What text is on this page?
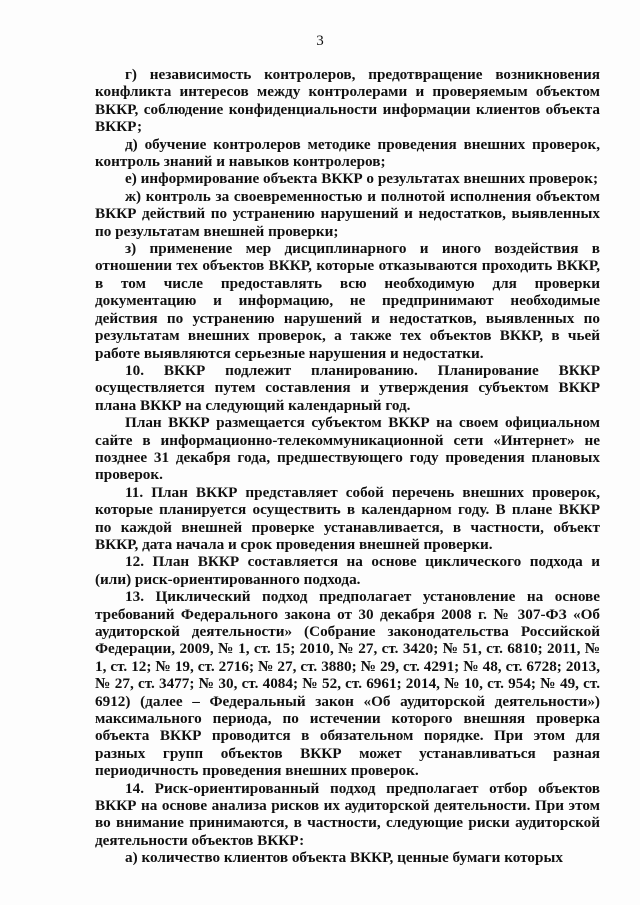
3

г) независимость контролеров, предотвращение возникновения конфликта интересов между контролерами и проверяемым объектом ВККР, соблюдение конфиденциальности информации клиентов объекта ВККР;

д) обучение контролеров методике проведения внешних проверок, контроль знаний и навыков контролеров;

е) информирование объекта ВККР о результатах внешних проверок;

ж) контроль за своевременностью и полнотой исполнения объектом ВККР действий по устранению нарушений и недостатков, выявленных по результатам внешней проверки;

з) применение мер дисциплинарного и иного воздействия в отношении тех объектов ВККР, которые отказываются проходить ВККР, в том числе предоставлять всю необходимую для проверки документацию и информацию, не предпринимают необходимые действия по устранению нарушений и недостатков, выявленных по результатам внешних проверок, а также тех объектов ВККР, в чьей работе выявляются серьезные нарушения и недостатки.

10. ВККР подлежит планированию. Планирование ВККР осуществляется путем составления и утверждения субъектом ВККР плана ВККР на следующий календарный год.

План ВККР размещается субъектом ВККР на своем официальном сайте в информационно-телекоммуникационной сети «Интернет» не позднее 31 декабря года, предшествующего году проведения плановых проверок.

11. План ВККР представляет собой перечень внешних проверок, которые планируется осуществить в календарном году. В плане ВККР по каждой внешней проверке устанавливается, в частности, объект ВККР, дата начала и срок проведения внешней проверки.

12. План ВККР составляется на основе циклического подхода и (или) риск-ориентированного подхода.

13. Циклический подход предполагает установление на основе требований Федерального закона от 30 декабря 2008 г. № 307-ФЗ «Об аудиторской деятельности» (Собрание законодательства Российской Федерации, 2009, № 1, ст. 15; 2010, № 27, ст. 3420; № 51, ст. 6810; 2011, № 1, ст. 12; № 19, ст. 2716; № 27, ст. 3880; № 29, ст. 4291; № 48, ст. 6728; 2013, № 27, ст. 3477; № 30, ст. 4084; № 52, ст. 6961; 2014, № 10, ст. 954; № 49, ст. 6912) (далее – Федеральный закон «Об аудиторской деятельности») максимального периода, по истечении которого внешняя проверка объекта ВККР проводится в обязательном порядке. При этом для разных групп объектов ВККР может устанавливаться разная периодичность проведения внешних проверок.

14. Риск-ориентированный подход предполагает отбор объектов ВККР на основе анализа рисков их аудиторской деятельности. При этом во внимание принимаются, в частности, следующие риски аудиторской деятельности объектов ВККР:

а) количество клиентов объекта ВККР, ценные бумаги которых
